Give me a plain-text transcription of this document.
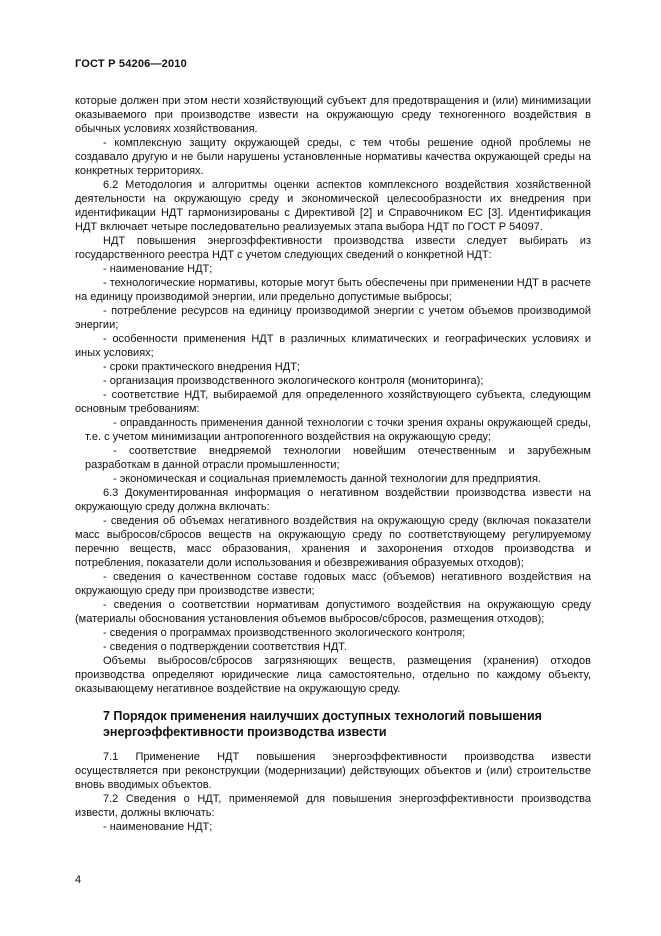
ГОСТ Р 54206—2010

которые должен при этом нести хозяйствующий субъект для предотвращения и (или) минимизации оказываемого при производстве извести на окружающую среду техногенного воздействия в обычных условиях хозяйствования.

- комплексную защиту окружающей среды, с тем чтобы решение одной проблемы не создавало другую и не были нарушены установленные нормативы качества окружающей среды на конкретных территориях.

6.2 Методология и алгоритмы оценки аспектов комплексного воздействия хозяйственной деятельности на окружающую среду и экономической целесообразности их внедрения при идентификации НДТ гармонизированы с Директивой [2] и Справочником ЕС [3]. Идентификация НДТ включает четыре последовательно реализуемых этапа выбора НДТ по ГОСТ Р 54097.

НДТ повышения энергоэффективности производства извести следует выбирать из государственного реестра НДТ с учетом следующих сведений о конкретной НДТ:

- наименование НДТ;

- технологические нормативы, которые могут быть обеспечены при применении НДТ в расчете на единицу производимой энергии, или предельно допустимые выбросы;

- потребление ресурсов на единицу производимой энергии с учетом объемов производимой энергии;

- особенности применения НДТ в различных климатических и географических условиях и иных условиях;

- сроки практического внедрения НДТ;

- организация производственного экологического контроля (мониторинга);

- соответствие НДТ, выбираемой для определенного хозяйствующего субъекта, следующим основным требованиям:

- оправданность применения данной технологии с точки зрения охраны окружающей среды, т.е. с учетом минимизации антропогенного воздействия на окружающую среду;

- соответствие внедряемой технологии новейшим отечественным и зарубежным разработкам в данной отрасли промышленности;

- экономическая и социальная приемлемость данной технологии для предприятия.

6.3 Документированная информация о негативном воздействии производства извести на окружающую среду должна включать:

- сведения об объемах негативного воздействия на окружающую среду (включая показатели масс выбросов/сбросов веществ на окружающую среду по соответствующему регулируемому перечню веществ, масс образования, хранения и захоронения отходов производства и потребления, показатели доли использования и обезвреживания образуемых отходов);

- сведения о качественном составе годовых масс (объемов) негативного воздействия на окружающую среду при производстве извести;

- сведения о соответствии нормативам допустимого воздействия на окружающую среду (материалы обоснования установления объемов выбросов/сбросов, размещения отходов);

- сведения о программах производственного экологического контроля;

- сведения о подтверждении соответствия НДТ.

Объемы выбросов/сбросов загрязняющих веществ, размещения (хранения) отходов производства определяют юридические лица самостоятельно, отдельно по каждому объекту, оказывающему негативное воздействие на окружающую среду.

7 Порядок применения наилучших доступных технологий повышения энергоэффективности производства извести

7.1 Применение НДТ повышения энергоэффективности производства извести осуществляется при реконструкции (модернизации) действующих объектов и (или) строительстве вновь вводимых объектов.

7.2 Сведения о НДТ, применяемой для повышения энергоэффективности производства извести, должны включать:

- наименование НДТ;

4
